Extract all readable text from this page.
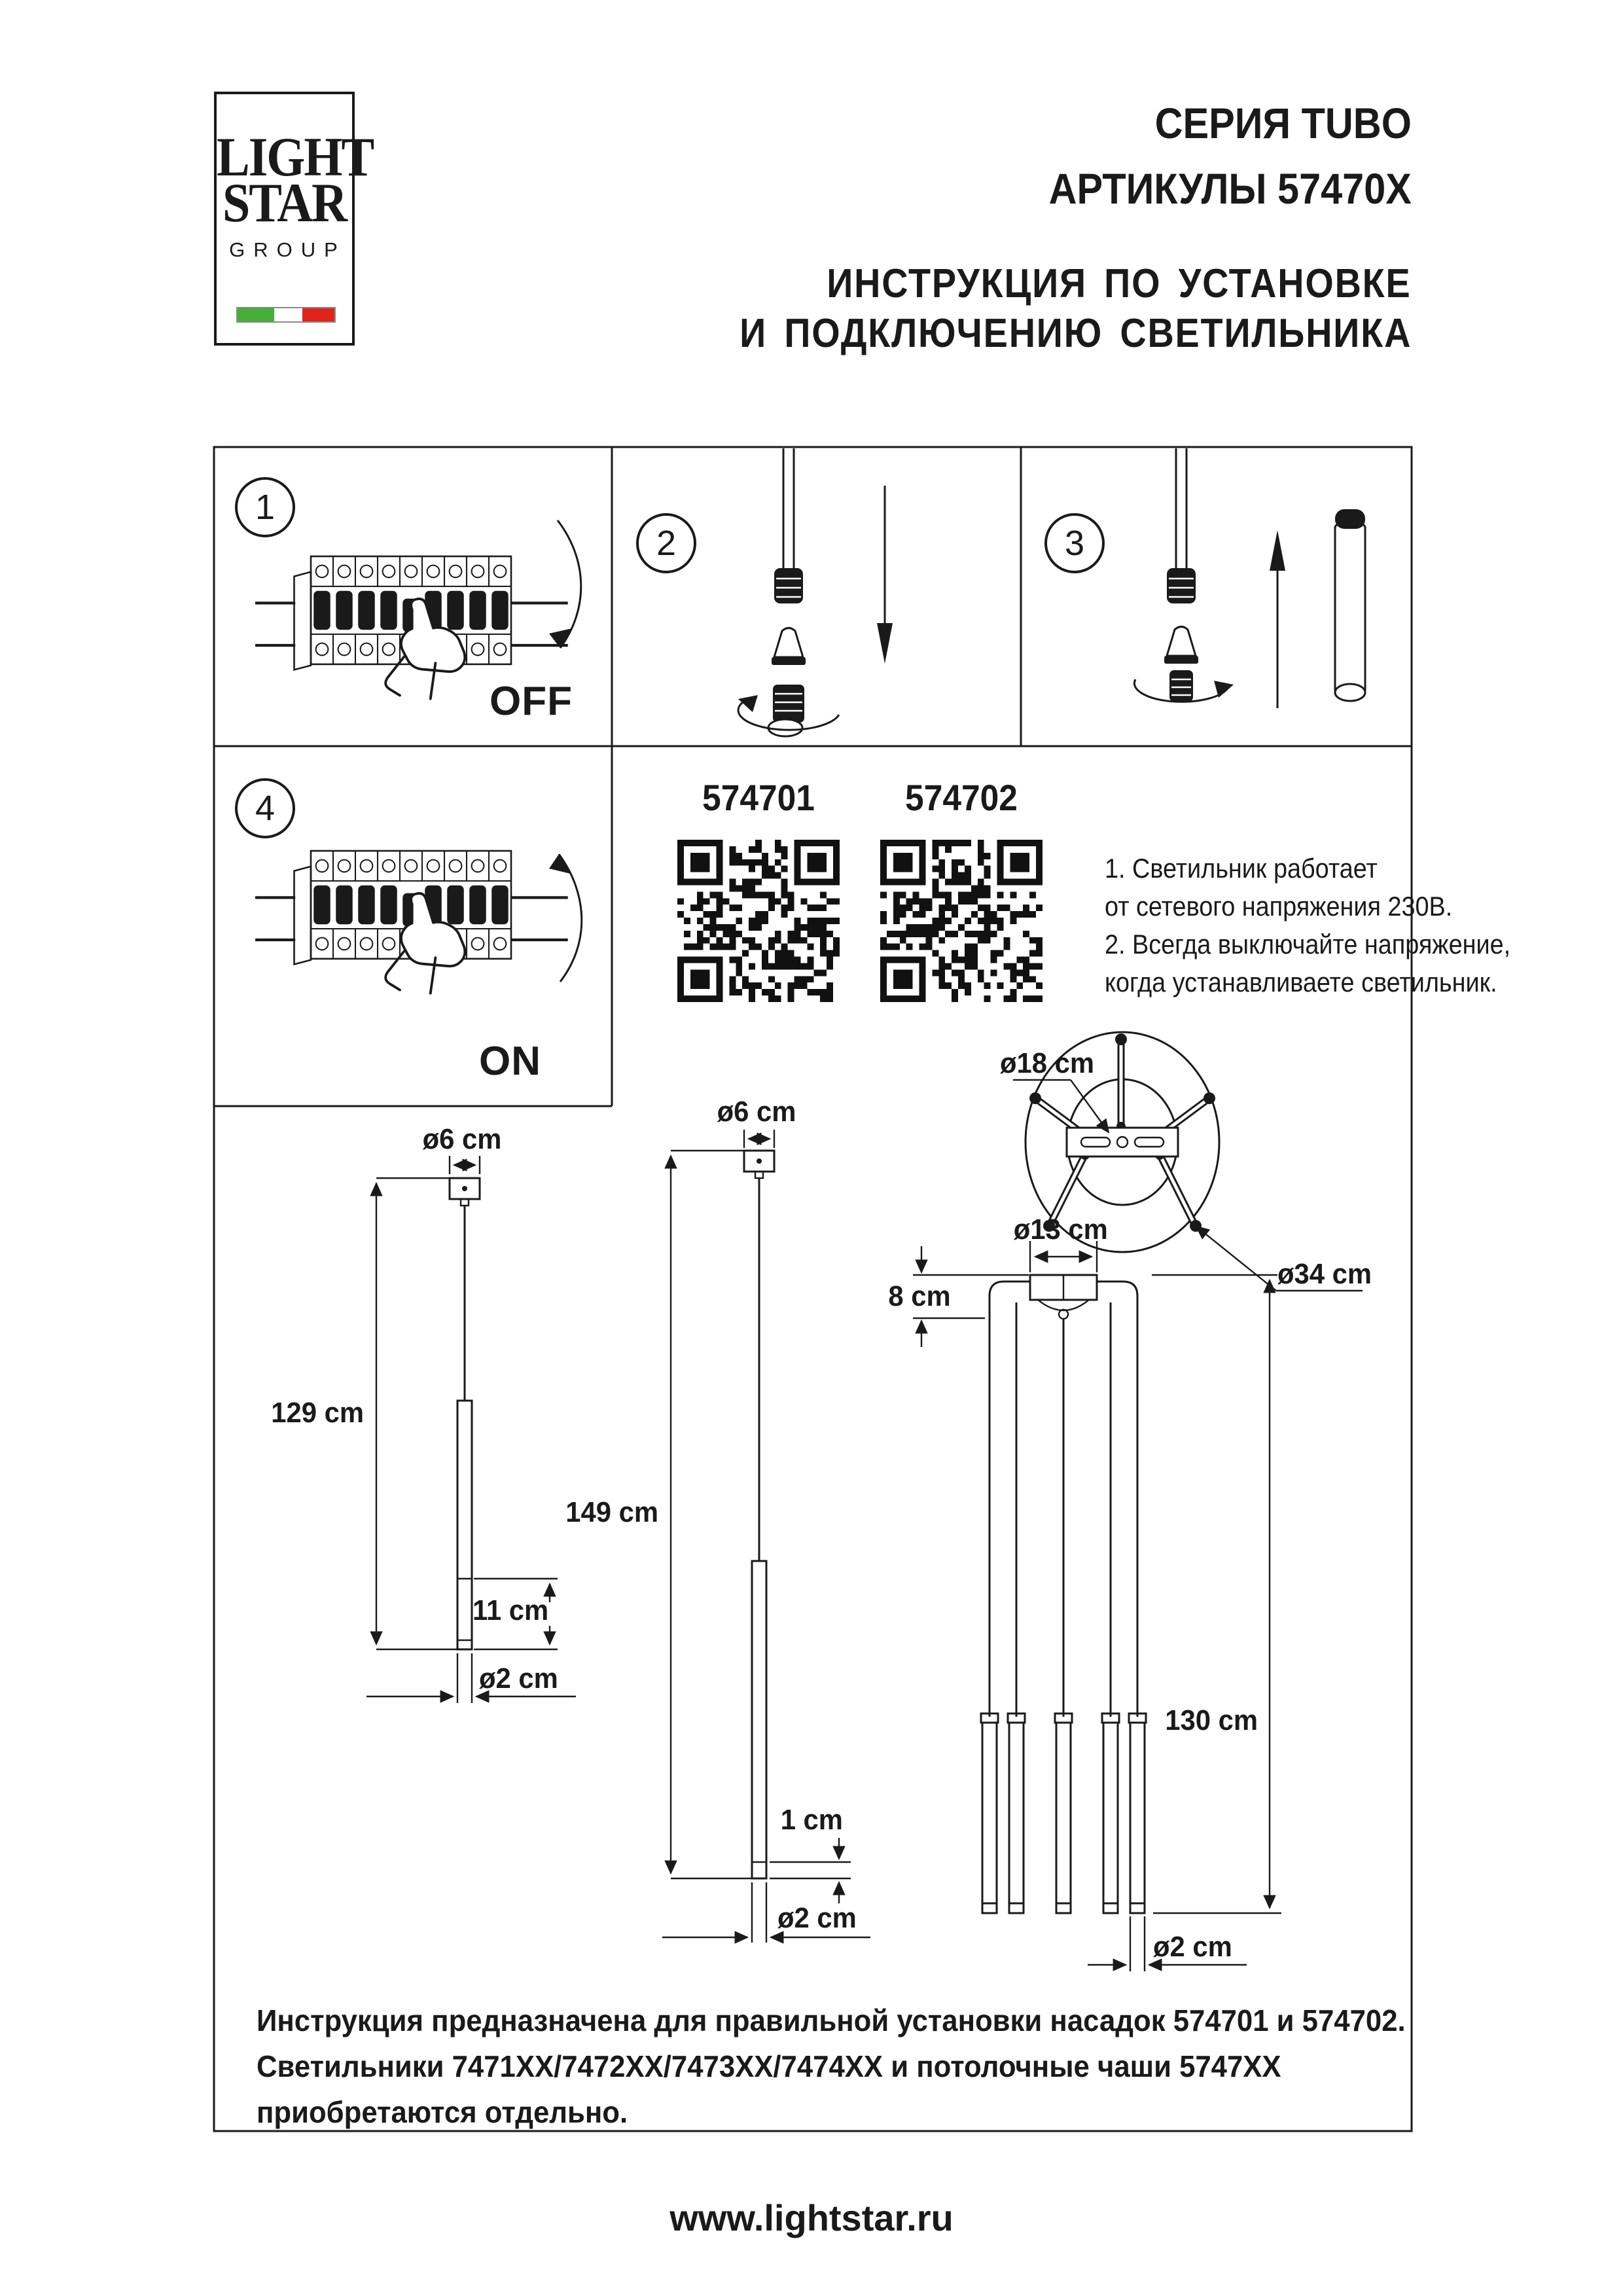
LIGHT
STAR
GROUP
СЕРИЯ TUBO
АРТИКУЛЫ 57470X
ИНСТРУКЦИЯ ПО УСТАНОВКЕ
И ПОДКЛЮЧЕНИЮ СВЕТИЛЬНИКА
1
2	3
4
OFF
ON
574701	574702
1. Светильник работает
от сетевого напряжения 230В.
2. Всегда выключайте напряжение,
когда устанавливаете светильник.
ø6 cm
129 cm
11 cm
ø2 cm
ø6 cm
149 cm
1 cm
ø2 cm
ø18 cm
ø34 cm
ø13 cm
8 cm
130 cm
ø2 cm
Инструкция предназначена для правильной установки насадок 574701 и 574702.
Светильники 7471XX/7472XX/7473XX/7474XX и потолочные чаши 5747XX
приобретаются отдельно.
www.lightstar.ru
